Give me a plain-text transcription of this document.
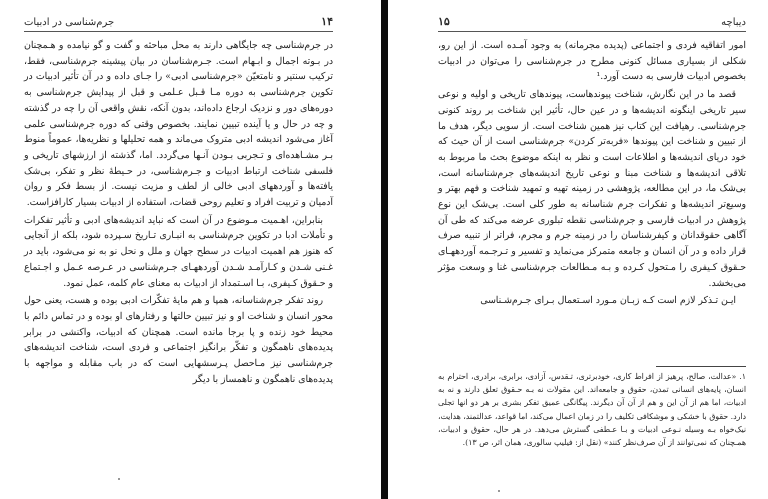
۱۴
جرم‌شناسی در ادبیات

در جرم‌شناسی چه جایگاهی دارند به محل مباحثه و گفت و گو نیامده و هـمچنان در بـوته اجمال و ابـهام است. جـرم‌شناسان در بیان پیشینه جرم‌شناسی، فقط، ترکیب سنتیر و نامتعیّن «جرم‌شناسی ادبی» را جـای داده و در آن تأثیر ادبیات در تکوین جرم‌شناسی به دوره مـا قـبل عـلمی و قبل از پیدایش جرم‌شناسی به دوره‌های دور و نزدیک ارجاع داده‌اند، بدون آنکه، نقش واقعی آن را چه در گذشته و چه در حال و یا آینده تبیین نمایند. بخصوص وقتی که دوره جرم‌شناسی علمی آغاز می‌شود اندیشه ادبی متروک می‌ماند و همه تحلیلها و نظریه‌ها، عموماً منوط بـر مشـاهده‌ای و تـجربی بـودن آنـها می‌گردد. اما، گذشته از ارزشهای تاریخی و فلسفی شناخت ارتباط ادبیات و جـرم‌شناسی، در حـیطهٔ نظر و تفکر، بی‌شک یافته‌ها و آوردههای ادبی خالی از لطف و مزیت نیست. از بسط فکر و روان آدمیان و تربیت افراد و تعلیم روحی قضات، استفاده از ادبیات بسیار کارافزاست.

بنابراین، اهـمیت مـوضوع در آن است که نباید اندیشه‌های ادبی و تأثیر تفکرات و تأملات ادبا در تکوین جرم‌شناسی به انبـاری تـاریخ سـپرده شود، بلکه از آنجایی که هنوز هم اهمیت ادبیات در سطح جهان و ملل و نحل نو به نو می‌شود، باید در غـنی شـدن و کـارآمـد شـدن آوردههـای جـرم‌شناسی در عـرصه عـمل و اجـتماع و حـقوق کـیفری، بـا اسـتمداد از ادبیات به معنای عام کلمه، عمل نمود.

روند تفکر جرم‌شناسانه، همپا و هم مایهٔ تفکّرات ادبی بوده و هست، یعنی حول محور انسان و شناخت او و نیز تبیین حالتها و رفتارهای او بوده و در تماس دائم با محیط خود زنده و پا برجا مانده است. همچنان که ادبیات، واکنشی در برابر پدیده‌های ناهمگون و تفکّر برانگیز اجتماعی و فردی است، شناخت اندیشه‌های جرم‌شناسی نیز مـاحصل پـرسشهایی است که در باب مقابله و مواجهه با پدیده‌های ناهمگون و ناهمساز با دیگر

دیباچه
۱۵

امور اتفاقیه فردی و اجتماعی (پدیده مجرمانه) به وجود آمـده است. از این رو، شکلی از بسیاری مسائل کنونی مطرح در جرم‌شناسی را می‌توان در ادبیات بخصوص ادبیات فارسی به دست آورد.¹

قصد ما در این نگارش، شناخت پیوندهاست، پیوندهای تاریخی و اولیه و نوعی سیر تاریخی اینگونه اندیشه‌ها و در عین حال، تأثیر این شناخت بر روند کنونی جرم‌شناسی. رهیافت این کتاب نیز همین شناخت است. از سویی دیگر، هدف ما از تبیین و شناخت این پیوندها «فربه‌تر کردن» جرم‌شناسی است از آن حیث که خود دریای اندیشه‌ها و اطلاعات است و نظر به اینکه موضوع بحث ما مربوط به تلاقی اندیشه‌ها و شناخت مبنا و نوعی تاریخ اندیشه‌های جرم‌شناسانه است، بی‌شک ما، در این مطالعه، پژوهشی در زمینه تهیه و تمهید شناخت و فهم بهتر و وسیع‌تر اندیشه‌ها و تفکرات جرم شناسانه به طور کلی است. بی‌شک این نوع پژوهش در ادبیات فارسی و جرم‌شناسی نقطه تبلوری عرضه می‌کند که طی آن آگاهی حقوقدانان و کیفرشناسان را در زمینه جرم و مجرم، فراتر از تنبیه صرف قرار داده و در آن انسان و جامعه متمرکز می‌نماید و تفسیر و تـرجـمه آوردههـای حـقوق کـیفری را مـتحول کـرده و بـه مـطالعات جرم‌شناسی غنا و وسعت مؤثر می‌بخشد.

ایـن تـذکر لازم است کـه زبـان مـورد اسـتعمال بـرای جـرم‌شـناسی

۱. «عدالت، صالح، پرهیز از افراط کاری، خودبرتری، تـقدس، آزادی، برابری، برادری، احترام به انسان، پایه‌های انسانی تمدن، حقوق و جامعه‌اند. این مقولات نه بـه حـقوق تعلق دارند و نه به ادبیات، اما هم از آن این و هم از آن آن دیگرند. پیگانگی عمیق تفکر بشری بر هر دو انها تجلی دارد. حقوق با خشکی و موشکافی تکلیف را در زمان اعمال می‌کند، اما قواعد، عدالتمند، هدایت، نیک‌خواه بـه وسیله نـوعی ادبیات و بـا عـطفی گسترش می‌دهد. در هر حال، حقوق و ادبیات، همـچنان که نمی‌توانند از آن صرف‌نظر کنند» (نقل از: فیلیپ سالوری، همان اثر، ص ۱۳).
